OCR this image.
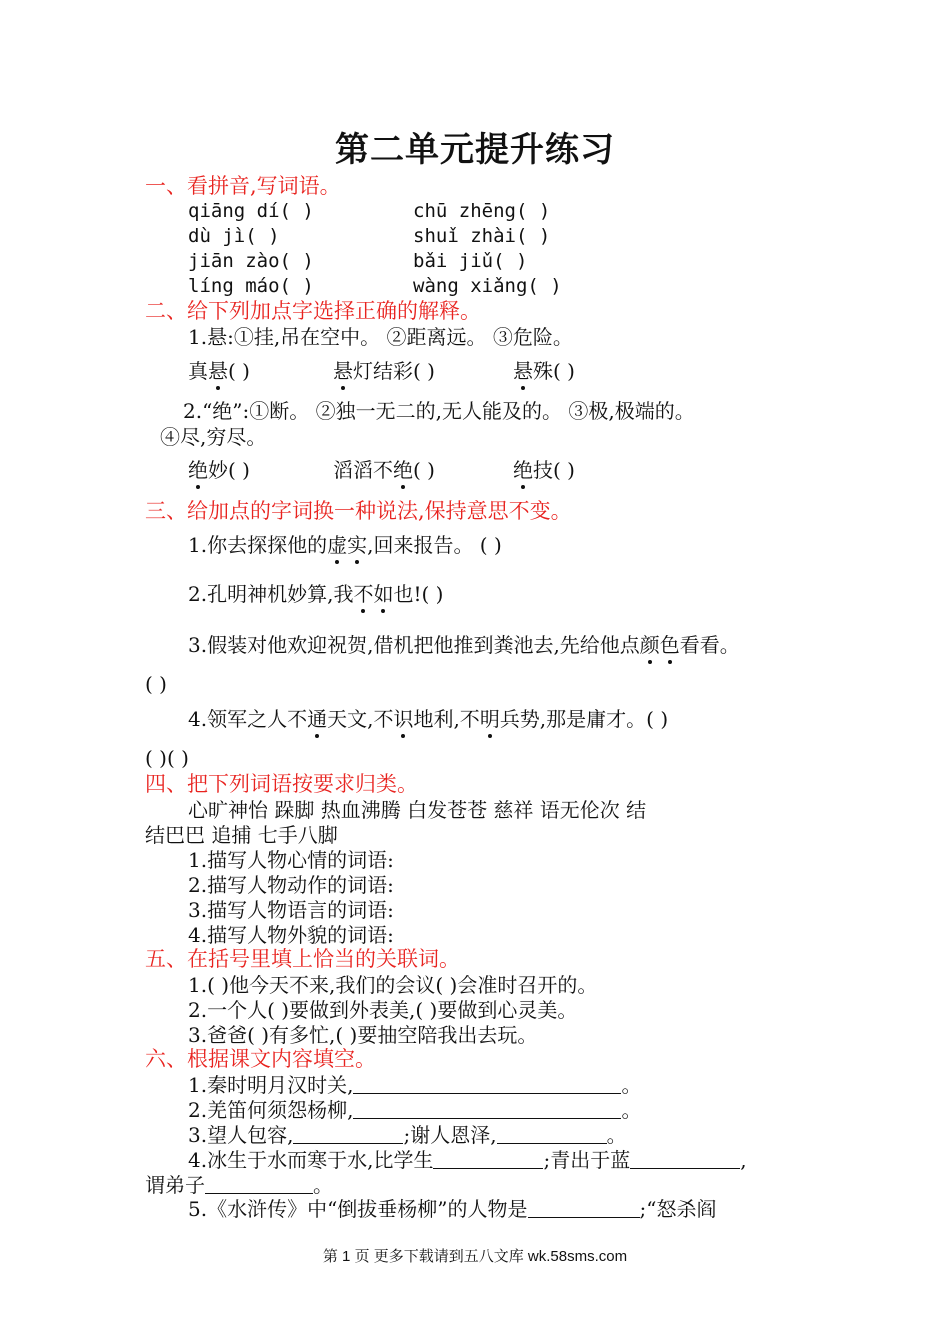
第二单元提升练习
一、看拼音,写词语。
qiāng dí( )	chū zhēng( )
dù jì( )	shuǐ zhài( )
jiān zào( )	bǎi jiǔ( )
líng máo( )	wàng xiǎng( )
二、给下列加点字选择正确的解释。
1.悬:①挂,吊在空中。 ②距离远。 ③危险。
真悬( )	悬灯结彩( )	悬殊( )
2.“绝”:①断。 ②独一无二的,无人能及的。 ③极,极端的。
④尽,穷尽。
绝妙( )	滔滔不绝( )	绝技( )
三、给加点的字词换一种说法,保持意思不变。
1.你去探探他的虚实,回来报告。 ( )
2.孔明神机妙算,我不如也!( )
3.假装对他欢迎祝贺,借机把他推到粪池去,先给他点颜色看看。
( )
4.领军之人不通天文,不识地利,不明兵势,那是庸才。( )
( )( )
四、把下列词语按要求归类。
心旷神怡 跺脚 热血沸腾 白发苍苍 慈祥 语无伦次 结
结巴巴 追捕 七手八脚
1.描写人物心情的词语:
2.描写人物动作的词语:
3.描写人物语言的词语:
4.描写人物外貌的词语:
五、在括号里填上恰当的关联词。
1.( )他今天不来,我们的会议( )会准时召开的。
2.一个人( )要做到外表美,( )要做到心灵美。
3.爸爸( )有多忙,( )要抽空陪我出去玩。
六、根据课文内容填空。
1.秦时明月汉时关,	。
2.羌笛何须怨杨柳,	。
3.望人包容,	;谢人恩泽,	。
4.冰生于水而寒于水,比学生	;青出于蓝	,
谓弟子	。
5.《水浒传》中“倒拔垂杨柳”的人物是	;“怒杀阎
第 1 页 更多下载请到五八文库 wk.58sms.com
